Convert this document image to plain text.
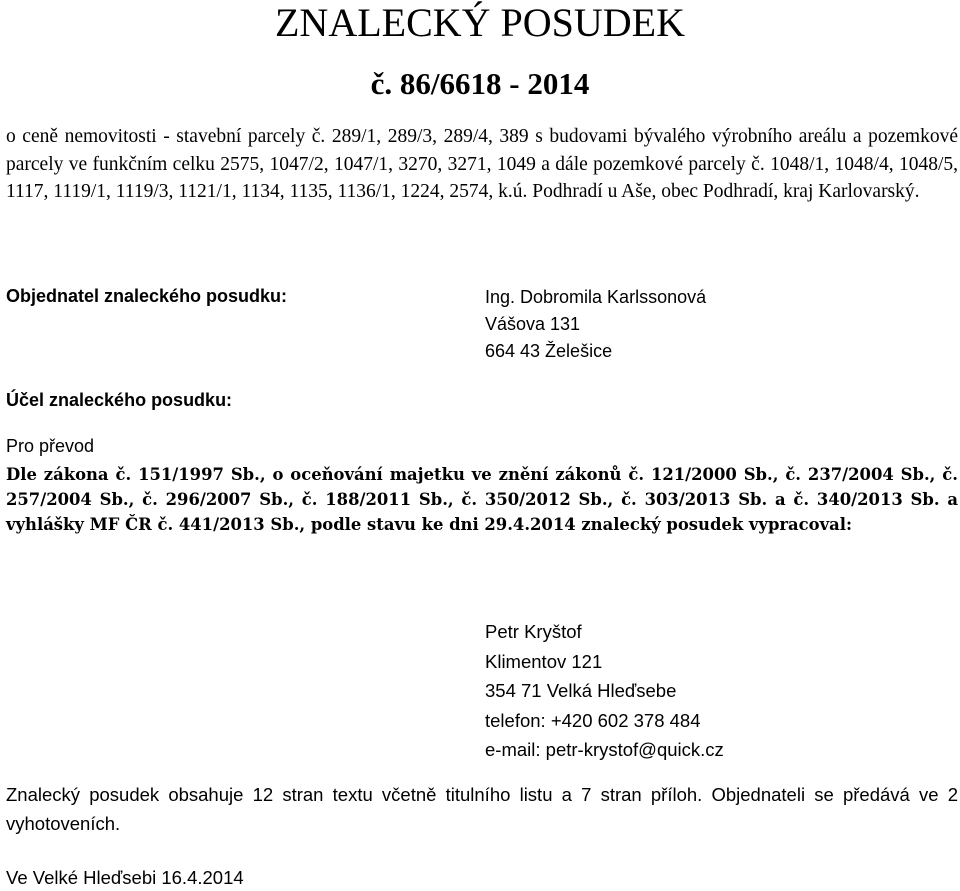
ZNALECKÝ POSUDEK
č. 86/6618 - 2014
o ceně nemovitosti - stavební parcely č. 289/1, 289/3, 289/4, 389 s budovami bývalého výrobního areálu a pozemkové parcely ve funkčním celku 2575, 1047/2, 1047/1, 3270, 3271, 1049 a dále pozemkové parcely č. 1048/1, 1048/4, 1048/5, 1117, 1119/1, 1119/3, 1121/1, 1134, 1135, 1136/1, 1224, 2574, k.ú. Podhradí u Aše, obec Podhradí, kraj Karlovarský.
Objednatel znaleckého posudku:	Ing. Dobromila Karlssonová
Vášova 131
664 43 Želešice
Účel znaleckého posudku:
Pro převod
Dle zákona č. 151/1997 Sb., o oceňování majetku ve znění zákonů č. 121/2000 Sb., č. 237/2004 Sb., č. 257/2004 Sb., č. 296/2007 Sb., č. 188/2011 Sb., č. 350/2012 Sb., č. 303/2013 Sb. a č. 340/2013 Sb. a vyhlášky MF ČR č. 441/2013 Sb., podle stavu ke dni 29.4.2014 znalecký posudek vypracoval:
Petr Kryštof
Klimentov 121
354 71 Velká Hleďsebe
telefon: +420 602 378 484
e-mail: petr-krystof@quick.cz
Znalecký posudek obsahuje 12 stran textu včetně titulního listu a 7 stran příloh. Objednateli se předává ve 2 vyhotoveních.
Ve Velké Hleďsebi 16.4.2014
